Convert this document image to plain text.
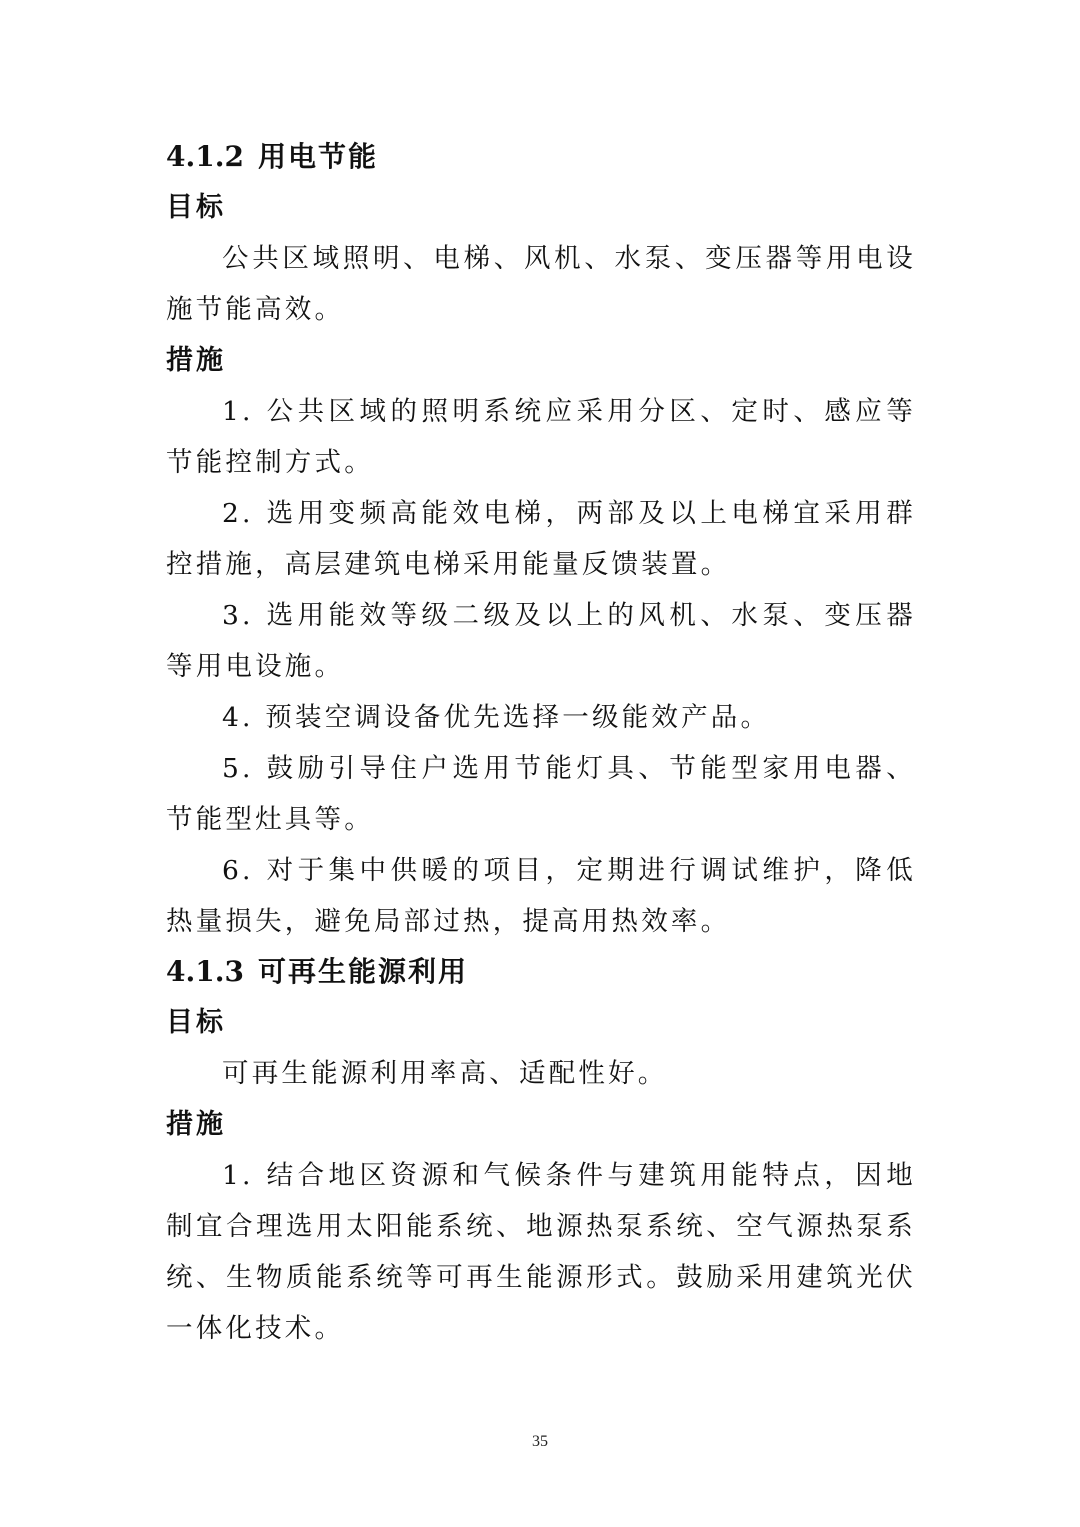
4.1.2 用电节能
目标

公共区域照明、电梯、风机、水泵、变压器等用电设施节能高效。

措施

1. 公共区域的照明系统应采用分区、定时、感应等节能控制方式。

2. 选用变频高能效电梯，两部及以上电梯宜采用群控措施，高层建筑电梯采用能量反馈装置。

3. 选用能效等级二级及以上的风机、水泵、变压器等用电设施。

4. 预装空调设备优先选择一级能效产品。

5. 鼓励引导住户选用节能灯具、节能型家用电器、节能型灶具等。

6. 对于集中供暖的项目，定期进行调试维护，降低热量损失，避免局部过热，提高用热效率。

4.1.3 可再生能源利用
目标

可再生能源利用率高、适配性好。

措施

1. 结合地区资源和气候条件与建筑用能特点，因地制宜合理选用太阳能系统、地源热泵系统、空气源热泵系统、生物质能系统等可再生能源形式。鼓励采用建筑光伏一体化技术。

35
